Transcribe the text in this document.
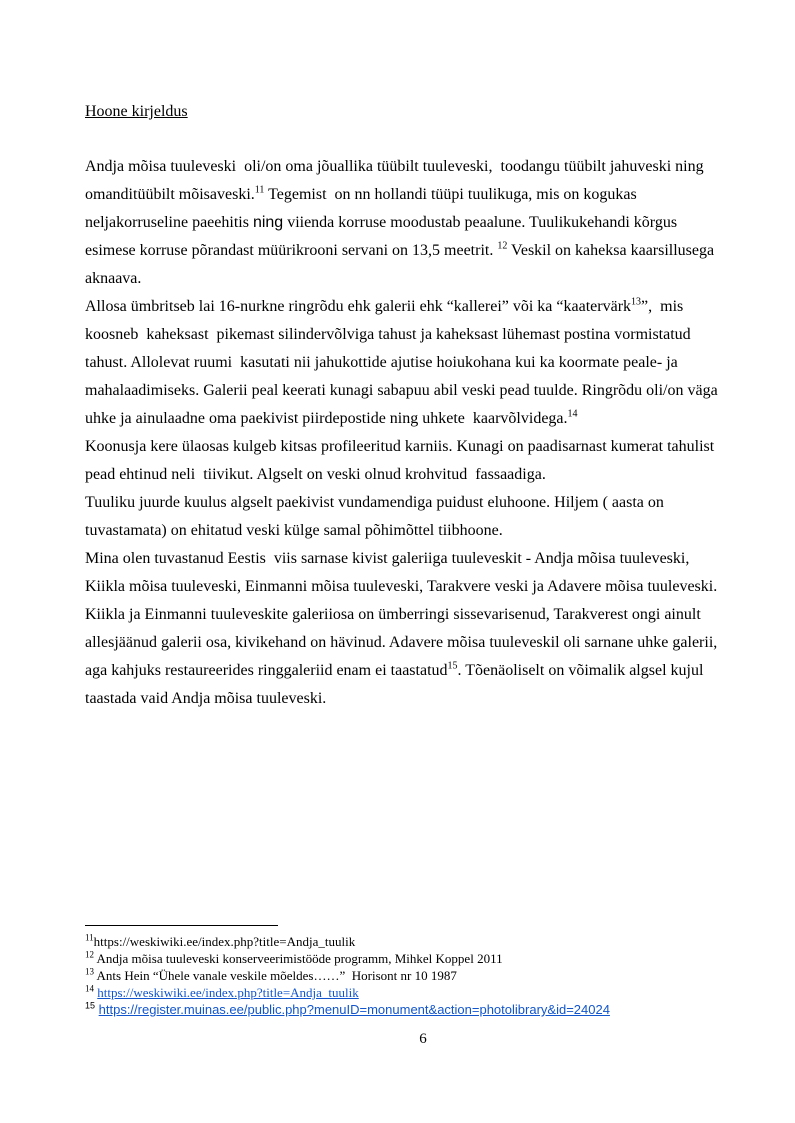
Hoone kirjeldus
Andja mõisa tuuleveski  oli/on oma jõuallika tüübilt tuuleveski,  toodangu tüübilt jahuveski ning
omanditüübilt mõisaveski.$^{11}$ Tegemist  on nn hollandi tüüpi tuulikuga, mis on kogukas
neljakorruseline paeehitis ning viienda korruse moodustab peaalune. Tuulikukehandi kõrgus
esimese korruse põrandast müürikrooni servani on 13,5 meetrit. $^{12}$ Veskil on kaheksa kaarsillusega
aknaava.
Allosa ümbritseb lai 16-nurkne ringrõdu ehk galerii ehk “kallerei” või ka “kaatervärk$^{13}$”,  mis
koosneb  kaheksast  pikemast silindervõlviga tahust ja kaheksast lühemast postina vormistatud
tahust. Allolevat ruumi  kasutati nii jahukottide ajutise hoiukohana kui ka koormate peale- ja
mahalaadimiseks. Galerii peal keerati kunagi sabapuu abil veski pead tuulde. Ringrõdu oli/on väga
uhke ja ainulaadne oma paekivist piirdepostide ning uhkete  kaarvõlvidega.$^{14}$
Koonusja kere ülaosas kulgeb kitsas profileeritud karniis. Kunagi on paadisarnast kumerat tahulist
pead ehtinud neli  tiivikut. Algselt on veski olnud krohvitud  fassaadiga.
Tuuliku juurde kuulus algselt paekivist vundamendiga puidust eluhoone. Hiljem ( aasta on
tuvastamata) on ehitatud veski külge samal põhimõttel tiibhoone.
Mina olen tuvastanud Eestis  viis sarnase kivist galeriiga tuuleveskit - Andja mõisa tuuleveski,
Kiikla mõisa tuuleveski, Einmanni mõisa tuuleveski, Tarakvere veski ja Adavere mõisa tuuleveski.
Kiikla ja Einmanni tuuleveskite galeriiosa on ümberringi sissevarisenud, Tarakverest ongi ainult
allesjäänud galerii osa, kivikehand on hävinud. Adavere mõisa tuuleveskil oli sarnane uhke galerii,
aga kahjuks restaureerides ringgaleriid enam ei taastatud$^{15}$. Tõenäoliselt on võimalik algsel kujul
taastada vaid Andja mõisa tuuleveski.
$^{11}$https://weskiwiki.ee/index.php?title=Andja_tuulik
$^{12}$ Andja mõisa tuuleveski konserveerimistööde programm, Mihkel Koppel 2011
$^{13}$ Ants Hein “Ühele vanale veskile mõeldes……”  Horisont nr 10 1987
$^{14}$ https://weskiwiki.ee/index.php?title=Andja_tuulik
$^{15}$ https://register.muinas.ee/public.php?menuID=monument&action=photolibrary&id=24024
6
